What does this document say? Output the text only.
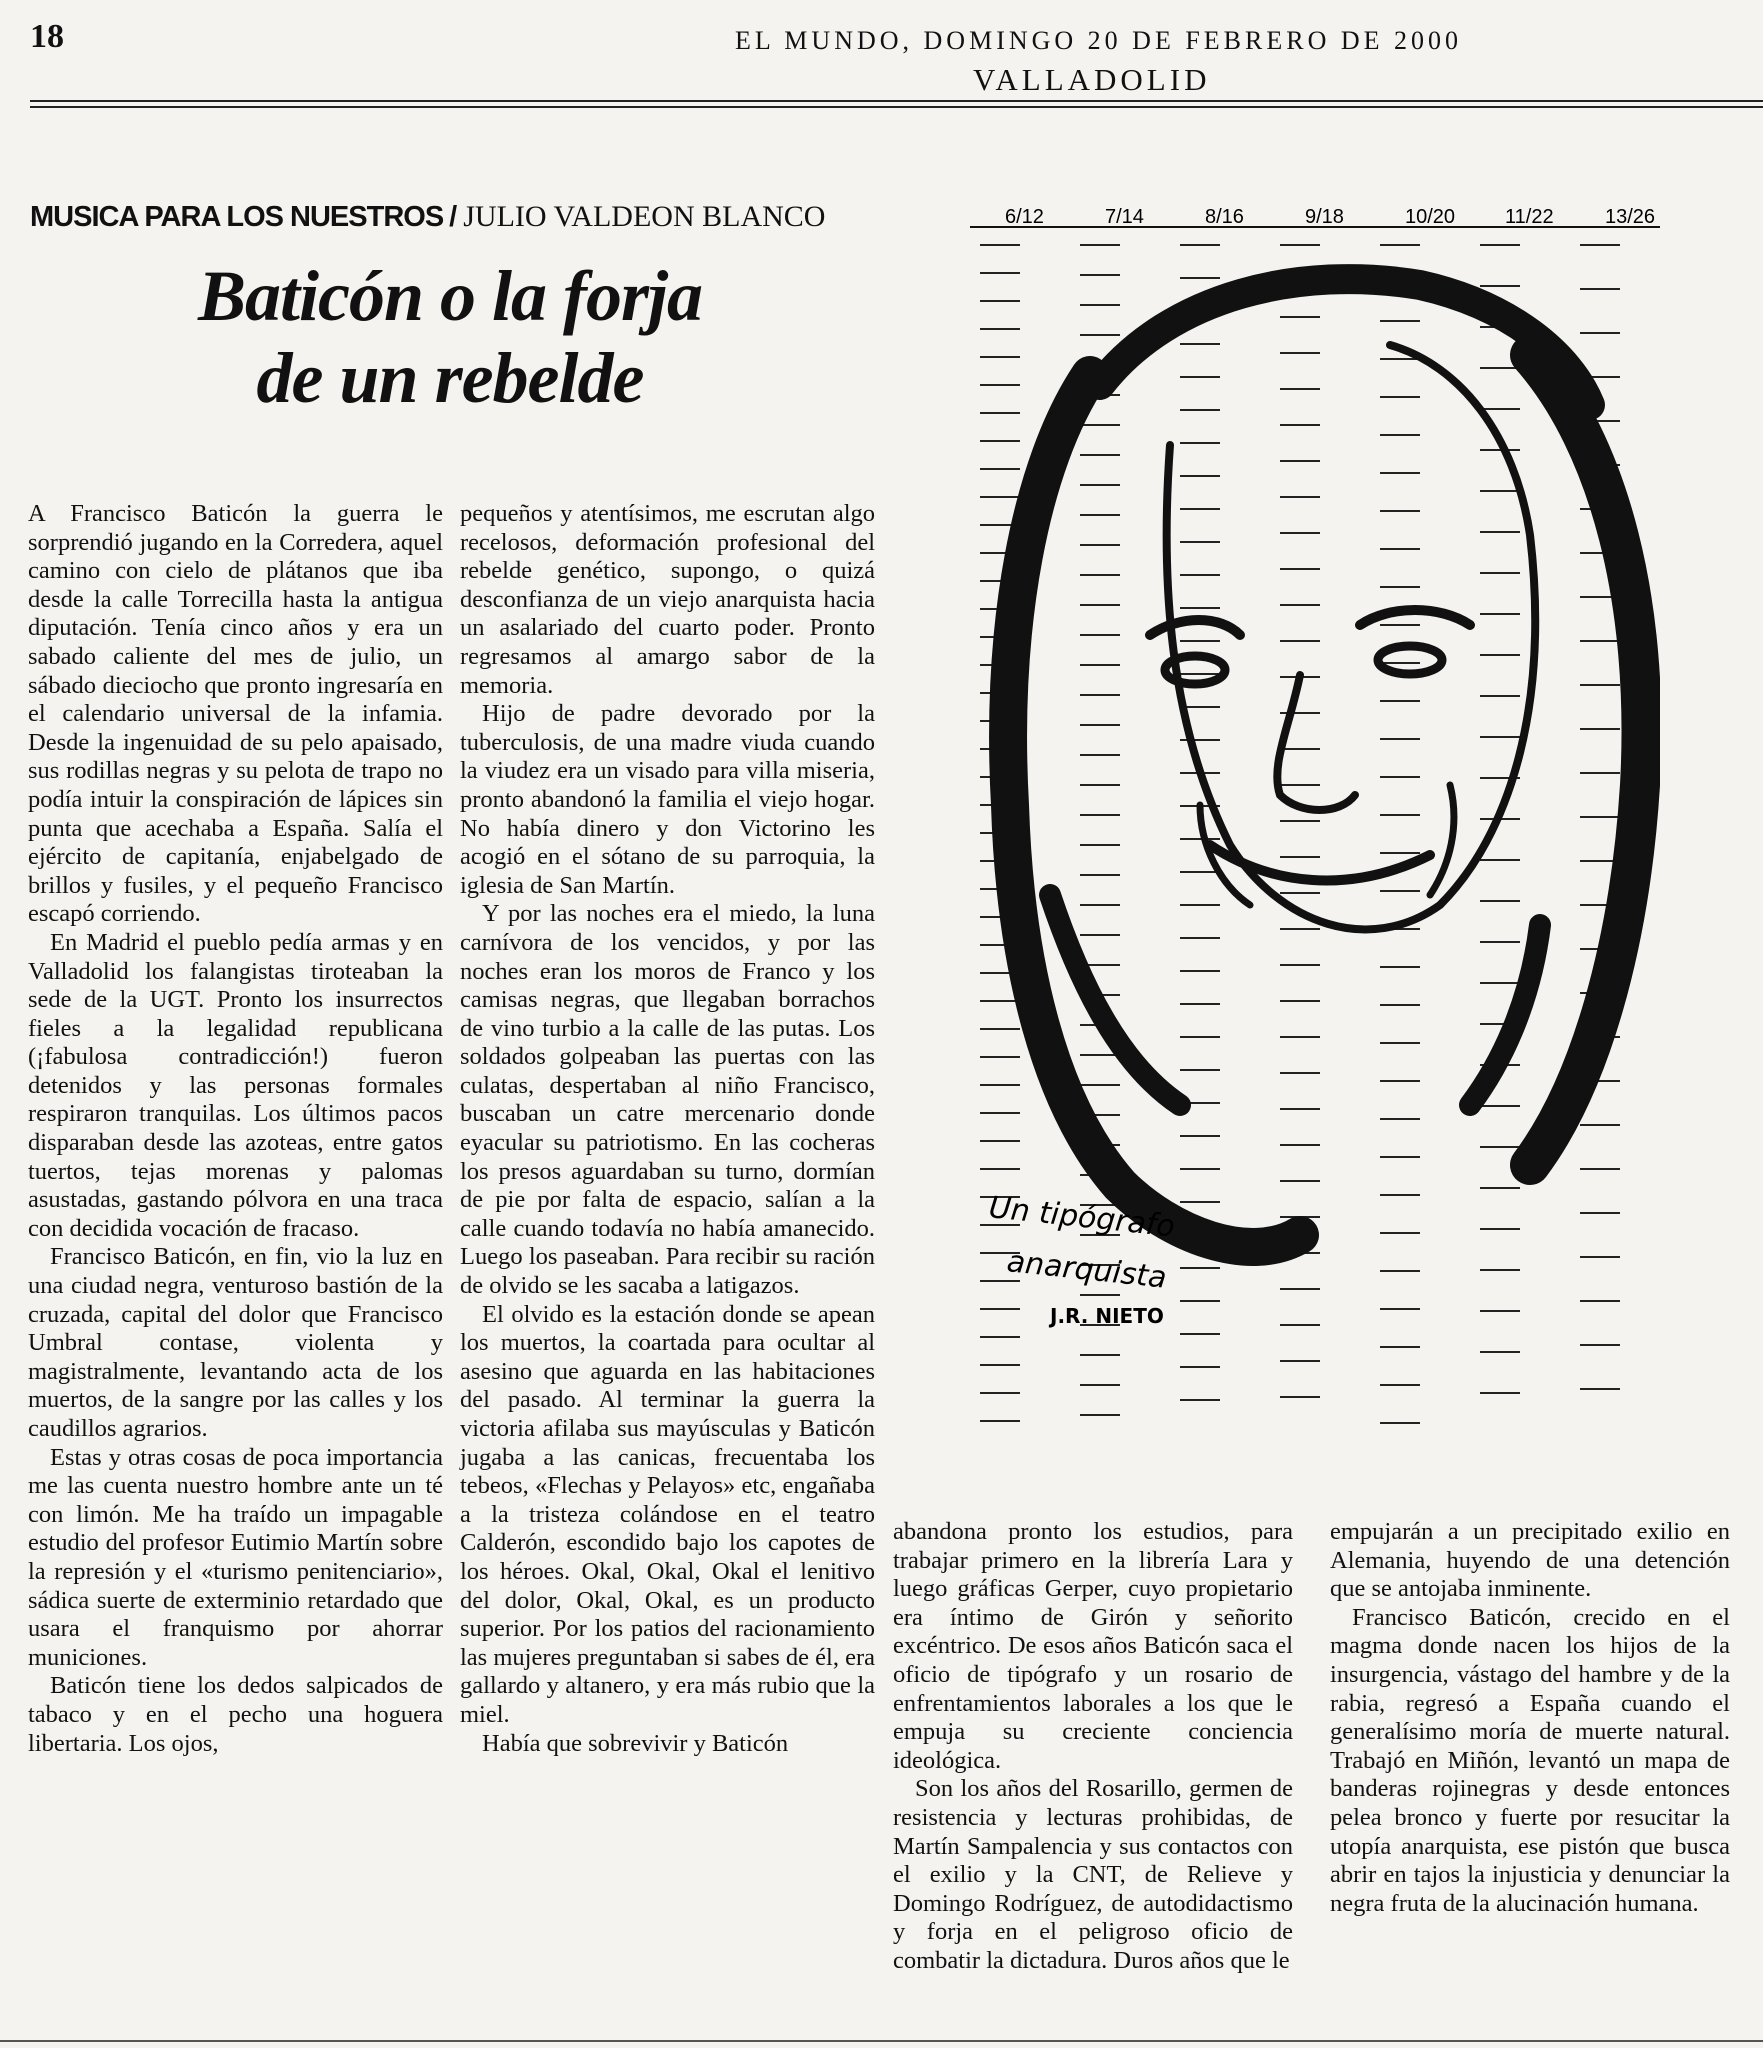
18	EL MUNDO, DOMINGO 20 DE FEBRERO DE 2000
VALLADOLID
MUSICA PARA LOS NUESTROS / JULIO VALDEON BLANCO
Baticón o la forja
de un rebelde

A Francisco Baticón la guerra le sorprendió jugando en la Corredera, aquel camino con cielo de plátanos que iba desde la calle Torrecilla hasta la antigua diputación. Tenía cinco años y era un sabado caliente del mes de julio, un sábado dieciocho que pronto ingresaría en el calendario universal de la infamia. Desde la ingenuidad de su pelo apaisado, sus rodillas negras y su pelota de trapo no podía intuir la conspiración de lápices sin punta que acechaba a España. Salía el ejército de capitanía, enjabelgado de brillos y fusiles, y el pequeño Francisco escapó corriendo.

En Madrid el pueblo pedía armas y en Valladolid los falangistas tiroteaban la sede de la UGT. Pronto los insurrectos fieles a la legalidad republicana (¡fabulosa contradicción!) fueron detenidos y las personas formales respiraron tranquilas. Los últimos pacos disparaban desde las azoteas, entre gatos tuertos, tejas morenas y palomas asustadas, gastando pólvora en una traca con decidida vocación de fracaso.

Francisco Baticón, en fin, vio la luz en una ciudad negra, venturoso bastión de la cruzada, capital del dolor que Francisco Umbral contase, violenta y magistralmente, levantando acta de los muertos, de la sangre por las calles y los caudillos agrarios.

Estas y otras cosas de poca importancia me las cuenta nuestro hombre ante un té con limón. Me ha traído un impagable estudio del profesor Eutimio Martín sobre la represión y el «turismo penitenciario», sádica suerte de exterminio retardado que usara el franquismo por ahorrar municiones.

Baticón tiene los dedos salpicados de tabaco y en el pecho una hoguera libertaria. Los ojos,

pequeños y atentísimos, me escrutan algo recelosos, deformación profesional del rebelde genético, supongo, o quizá desconfianza de un viejo anarquista hacia un asalariado del cuarto poder. Pronto regresamos al amargo sabor de la memoria.

Hijo de padre devorado por la tuberculosis, de una madre viuda cuando la viudez era un visado para villa miseria, pronto abandonó la familia el viejo hogar. No había dinero y don Victorino les acogió en el sótano de su parroquia, la iglesia de San Martín.

Y por las noches era el miedo, la luna carnívora de los vencidos, y por las noches eran los moros de Franco y los camisas negras, que llegaban borrachos de vino turbio a la calle de las putas. Los soldados golpeaban las puertas con las culatas, despertaban al niño Francisco, buscaban un catre mercenario donde eyacular su patriotismo. En las cocheras los presos aguardaban su turno, dormían de pie por falta de espacio, salían a la calle cuando todavía no había amanecido. Luego los paseaban. Para recibir su ración de olvido se les sacaba a latigazos.

El olvido es la estación donde se apean los muertos, la coartada para ocultar al asesino que aguarda en las habitaciones del pasado. Al terminar la guerra la victoria afilaba sus mayúsculas y Baticón jugaba a las canicas, frecuentaba los tebeos, «Flechas y Pelayos» etc, engañaba a la tristeza colándose en el teatro Calderón, escondido bajo los capotes de los héroes. Okal, Okal, Okal el lenitivo del dolor, Okal, Okal, es un producto superior. Por los patios del racionamiento las mujeres preguntaban si sabes de él, era gallardo y altanero, y era más rubio que la miel.

Había que sobrevivir y Baticón

abandona pronto los estudios, para trabajar primero en la librería Lara y luego gráficas Gerper, cuyo propietario era íntimo de Girón y señorito excéntrico. De esos años Baticón saca el oficio de tipógrafo y un rosario de enfrentamientos laborales a los que le empuja su creciente conciencia ideológica.

Son los años del Rosarillo, germen de resistencia y lecturas prohibidas, de Martín Sampalencia y sus contactos con el exilio y la CNT, de Relieve y Domingo Rodríguez, de autodidactismo y forja en el peligroso oficio de combatir la dictadura. Duros años que le

empujarán a un precipitado exilio en Alemania, huyendo de una detención que se antojaba inminente.

Francisco Baticón, crecido en el magma donde nacen los hijos de la insurgencia, vástago del hambre y de la rabia, regresó a España cuando el generalísimo moría de muerte natural. Trabajó en Miñón, levantó un mapa de banderas rojinegras y desde entonces pelea bronco y fuerte por resucitar la utopía anarquista, ese pistón que busca abrir en tajos la injusticia y denunciar la negra fruta de la alucinación humana.

6/12	7/14	8/16	9/18	10/20 11/22	13/26
Un tipógrafo
anarquista
J.R. NIETO
